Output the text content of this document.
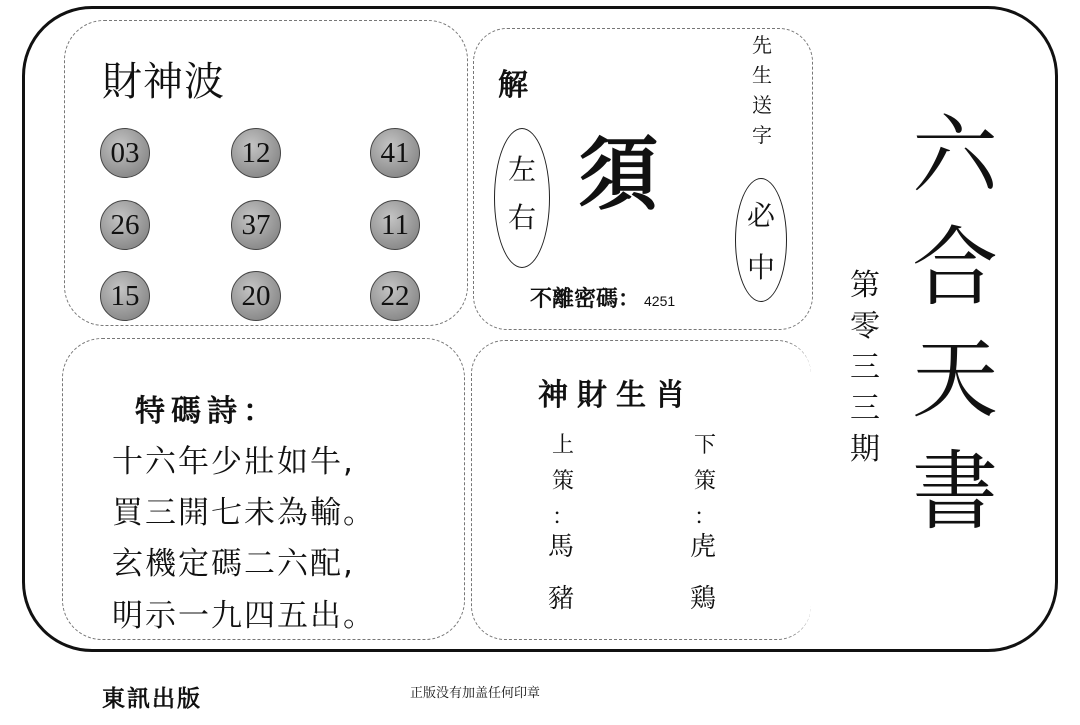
財神波
03	12	41
26	37	11
15	20	22
解
左
右 須
先
生
送
字
必
中
不離密碼： 4251
特碼詩：
十六年少壯如牛,
買三開七未為輸。
玄機定碼二六配,
明示一九四五出。
神財生肖
上
策
：
馬
豬
下
策
：
虎
鶏
第
零
三
三
期
六
合
天
書
東訊出版	正版没有加盖任何印章
